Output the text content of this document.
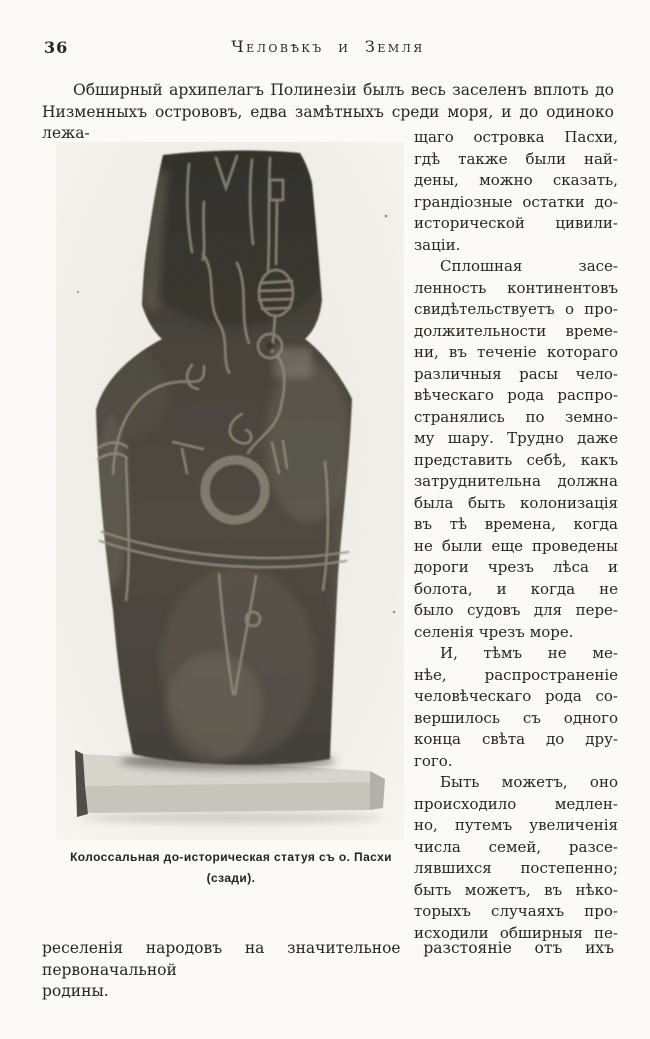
36	Человѣкъ и Земля
Обширный архипелагъ Полинезіи былъ весь заселенъ вплоть до
Низменныхъ острововъ, едва замѣтныхъ среди моря, и до одиноко лежа-
Колоссальная до-историческая статуя съ о. Пасхи
(сзади).
щаго островка Пасхи,
гдѣ также были най-
дены, можно сказать,
грандіозные остатки до-
исторической цивили-
заціи.
Сплошная засе-
ленность континентовъ
свидѣтельствуетъ о про-
должительности време-
ни, въ теченіе котораго
различныя расы чело-
вѣческаго рода распро-
странялись по земно-
му шару. Трудно даже
представить себѣ, какъ
затруднительна должна
была быть колонизація
въ тѣ времена, когда
не были еще проведены
дороги чрезъ лѣса и
болота, и когда не
было судовъ для пере-
селенія чрезъ море.
И, тѣмъ не ме-
нѣе, распространеніе
человѣческаго рода со-
вершилось съ одного
конца свѣта до дру-
гого.
Быть можетъ, оно
происходило медлен-
но, путемъ увеличенія
числа семей, разсе-
лявшихся постепенно;
быть можетъ, въ нѣко-
торыхъ случаяхъ про-
исходили обширныя пе-
реселенія народовъ на значительное разстояніе отъ ихъ первоначальной
родины.
